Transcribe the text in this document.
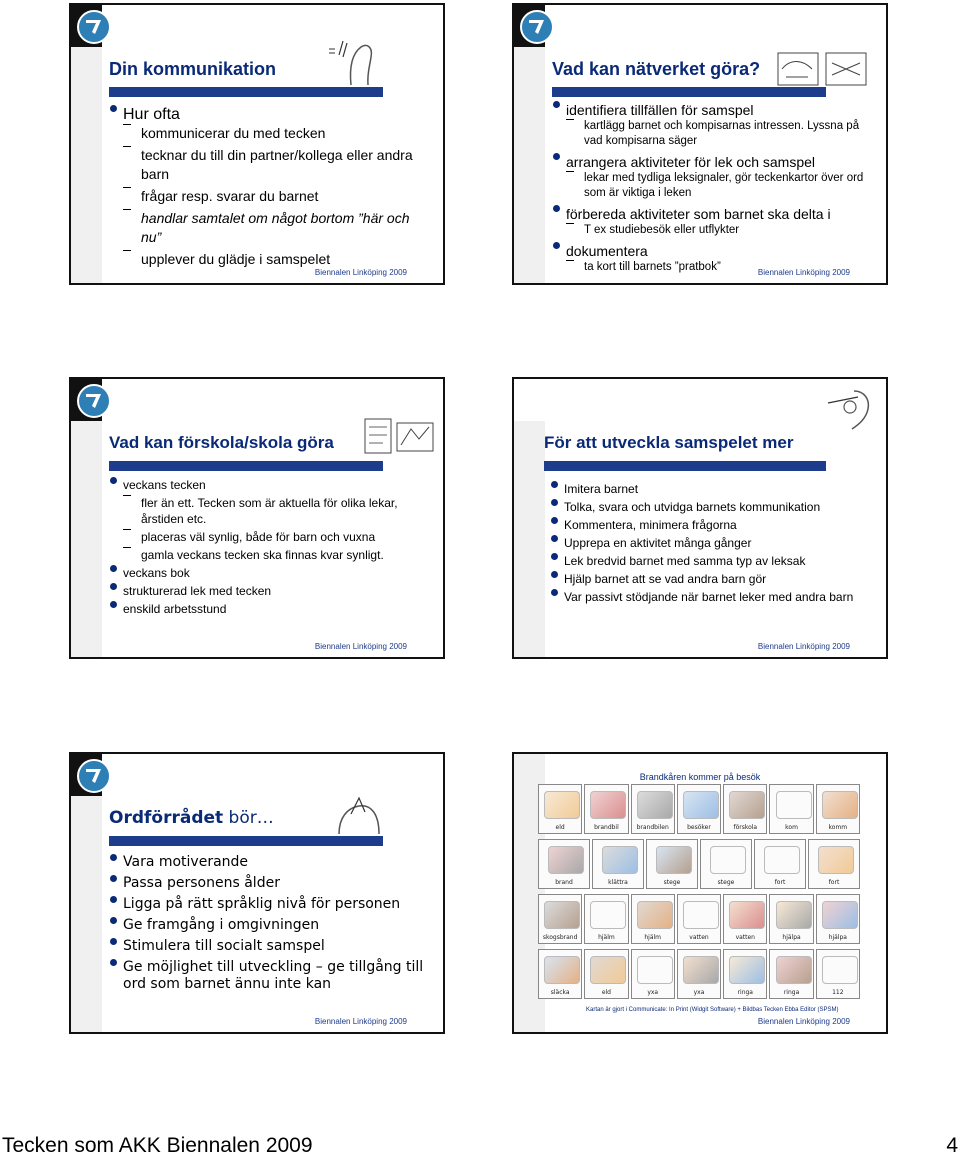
Din kommunikation
Hur ofta
kommunicerar du med tecken
tecknar du till din partner/kollega eller andra barn
frågar resp. svarar du barnet
handlar samtalet om något bortom ”här och nu”
upplever du glädje i samspelet
Biennalen Linköping 2009
Vad kan nätverket göra?
identifiera tillfällen för samspel
kartlägg barnet och kompisarnas intressen. Lyssna på vad kompisarna säger
arrangera aktiviteter för lek och samspel
lekar med tydliga leksignaler, gör teckenkartor över ord som är viktiga i leken
förbereda aktiviteter som barnet ska delta i
T ex studiebesök eller utflykter
dokumentera
ta kort till barnets ”pratbok”	Biennalen Linköping 2009
Vad kan förskola/skola göra
veckans tecken
fler än ett. Tecken som är aktuella för olika lekar, årstiden etc.
placeras väl synlig, både för barn och vuxna
gamla veckans tecken ska finnas kvar synligt.
veckans bok
strukturerad lek med tecken
enskild arbetsstund
Biennalen Linköping 2009
För att utveckla samspelet mer
Imitera barnet
Tolka, svara och utvidga barnets kommunikation
Kommentera, minimera frågorna
Upprepa en aktivitet många gånger
Lek bredvid barnet med samma typ av leksak
Hjälp barnet att se vad andra barn gör
Var passivt stödjande när barnet leker med andra barn
Biennalen Linköping 2009
Ordförrådet bör…
Vara motiverande
Passa personens ålder
Ligga på rätt språklig nivå för personen
Ge framgång i omgivningen
Stimulera till socialt samspel
Ge möjlighet till utveckling – ge tillgång till ord som barnet ännu inte kan
Biennalen Linköping 2009
Brandkåren kommer på besök
eld	brandbil	brandbilen	besöker	förskola	kom	komm
brand	klättra	stege	stege	fort	fort
skogsbrand	hjälm	hjälm	vatten	vatten	hjälpa	hjälpa
släcka	eld	yxa	yxa	ringa	ringa	112
Kartan är gjort i Communicate: In Print (Widgit Software) + Bildbas Tecken Ebba Editor (SPSM)
Biennalen Linköping 2009
Tecken som AKK Biennalen 2009	4
